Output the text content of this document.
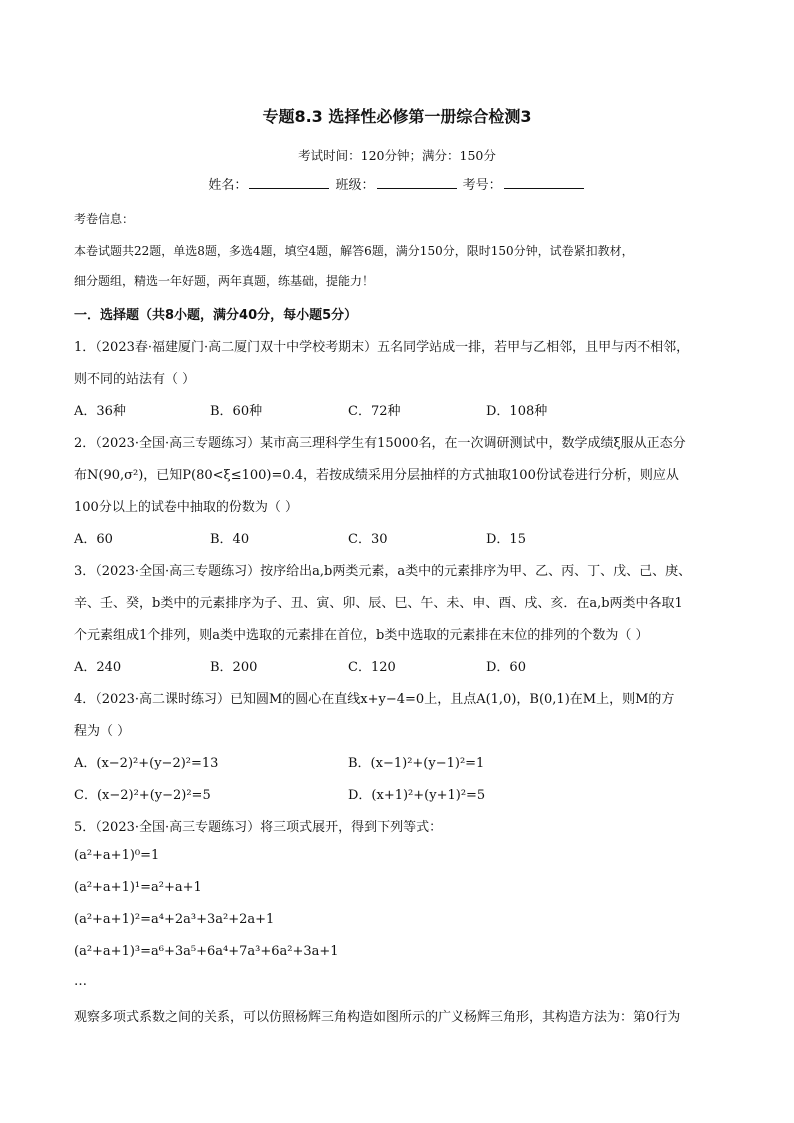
专题8.3 选择性必修第一册综合检测3
考试时间：120分钟；满分：150分
姓名：	班级：	考号：
考卷信息：
本卷试题共22题，单选8题，多选4题，填空4题，解答6题，满分150分，限时150分钟，试卷紧扣教材，
细分题组，精选一年好题，两年真题，练基础，提能力！
一．选择题（共8小题，满分40分，每小题5分）
1．（2023春·福建厦门·高二厦门双十中学校考期末）五名同学站成一排，若甲与乙相邻，且甲与丙不相邻，
则不同的站法有（ ）
A．36种	B．60种	C．72种	D．108种
2．（2023·全国·高三专题练习）某市高三理科学生有15000名，在一次调研测试中，数学成绩ξ服从正态分
布N(90,σ²)，已知P(80<ξ≤100)=0.4，若按成绩采用分层抽样的方式抽取100份试卷进行分析，则应从
100分以上的试卷中抽取的份数为（ ）
A．60	B．40	C．30	D．15
3．（2023·全国·高三专题练习）按序给出a,b两类元素，a类中的元素排序为甲、乙、丙、丁、戊、己、庚、
辛、壬、癸，b类中的元素排序为子、丑、寅、卯、辰、巳、午、未、申、酉、戌、亥．在a,b两类中各取1
个元素组成1个排列，则a类中选取的元素排在首位，b类中选取的元素排在末位的排列的个数为（ ）
A．240	B．200	C．120	D．60
4．（2023·高二课时练习）已知圆M的圆心在直线x+y−4=0上，且点A(1,0)，B(0,1)在M上，则M的方
程为（ ）
A．(x−2)²+(y−2)²=13	B．(x−1)²+(y−1)²=1
C．(x−2)²+(y−2)²=5	D．(x+1)²+(y+1)²=5
5．（2023·全国·高三专题练习）将三项式展开，得到下列等式：
(a²+a+1)⁰=1
(a²+a+1)¹=a²+a+1
(a²+a+1)²=a⁴+2a³+3a²+2a+1
(a²+a+1)³=a⁶+3a⁵+6a⁴+7a³+6a²+3a+1
…
观察多项式系数之间的关系，可以仿照杨辉三角构造如图所示的广义杨辉三角形，其构造方法为：第0行为
